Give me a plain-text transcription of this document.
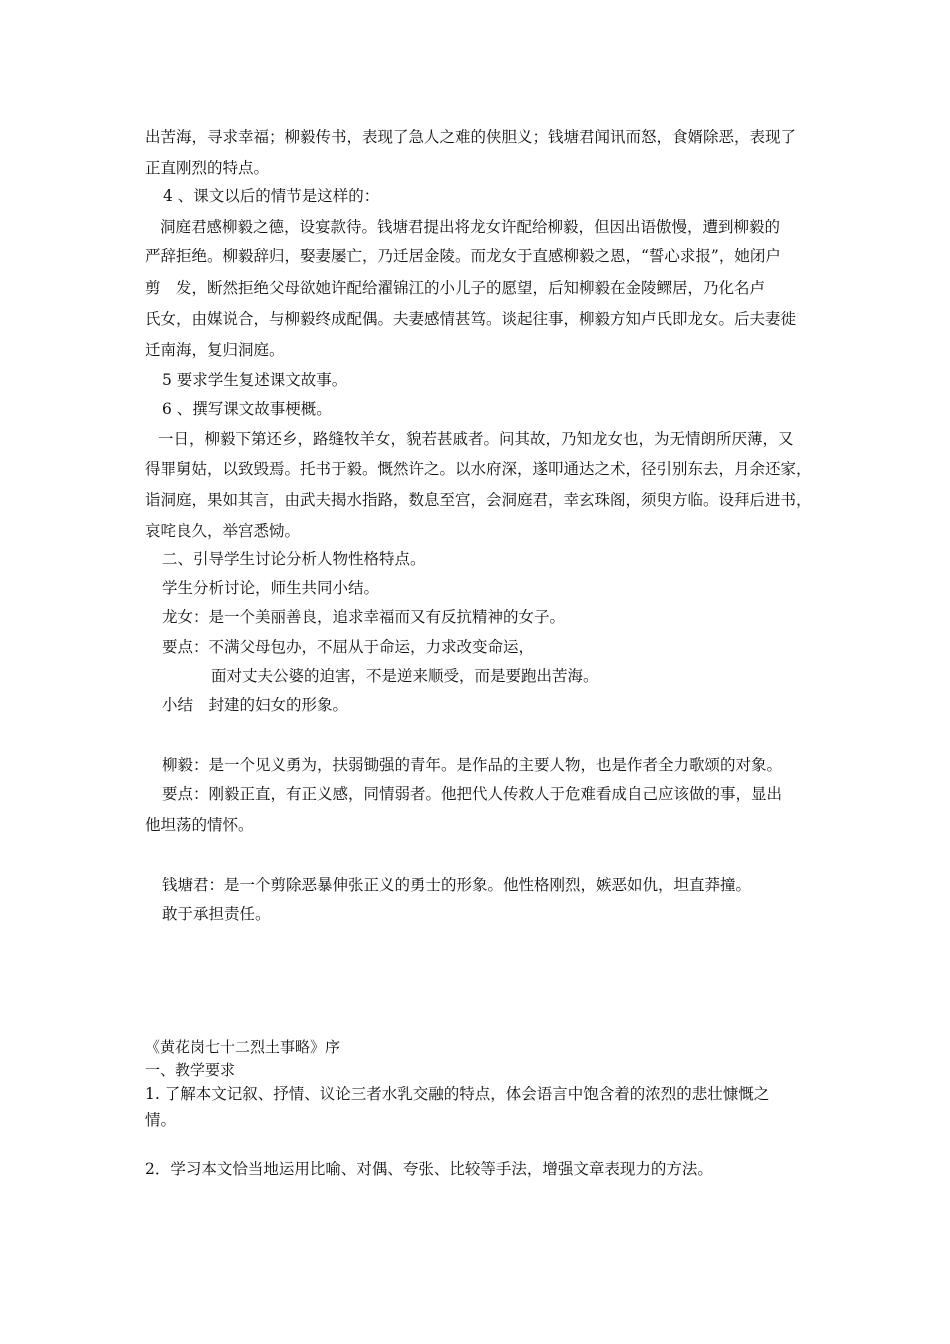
出苦海，寻求幸福；柳毅传书，表现了急人之难的侠胆义；钱塘君闻讯而怒，食婿除恶，表现了

正直刚烈的特点。

4 、课文以后的情节是这样的：

洞庭君感柳毅之德，设宴款待。钱塘君提出将龙女许配给柳毅，但因出语傲慢，遭到柳毅的

严辞拒绝。柳毅辞归，娶妻屡亡，乃迁居金陵。而龙女于直感柳毅之恩，“誓心求报”，她闭户

剪　发，断然拒绝父母欲她许配给濯锦江的小儿子的愿望，后知柳毅在金陵鳏居，乃化名卢

氏女，由媒说合，与柳毅终成配偶。夫妻感情甚笃。谈起往事，柳毅方知卢氏即龙女。后夫妻徙

迁南海，复归洞庭。

5 要求学生复述课文故事。

6 、撰写课文故事梗概。

一日，柳毅下第还乡，路缝牧羊女，貌若甚戚者。问其故，乃知龙女也，为无情朗所厌薄，又

得罪舅姑，以致毁焉。托书于毅。慨然许之。以水府深，遂叩通达之术，径引别东去，月余还家，

诣洞庭，果如其言，由武夫揭水指路，数息至宫，会洞庭君，幸玄珠阁，须臾方临。设拜后进书，

哀咤良久，举宫悉恸。

二、引导学生讨论分析人物性格特点。

学生分析讨论，师生共同小结。

龙女：是一个美丽善良，追求幸福而又有反抗精神的女子。

要点：不满父母包办，不屈从于命运，力求改变命运，

面对丈夫公婆的迫害，不是逆来顺受，而是要跑出苦海。

小结　封建的妇女的形象。

柳毅：是一个见义勇为，扶弱锄强的青年。是作品的主要人物，也是作者全力歌颂的对象。

要点：刚毅正直，有正义感，同情弱者。他把代人传救人于危难看成自己应该做的事，显出

他坦荡的情怀。

钱塘君：是一个剪除恶暴伸张正义的勇士的形象。他性格刚烈，嫉恶如仇，坦直莽撞。

敢于承担责任。

《黄花岗七十二烈土事略》序

一、教学要求

1. 了解本文记叙、抒情、议论三者水乳交融的特点，体会语言中饱含着的浓烈的悲壮慷慨之

情。

2．学习本文恰当地运用比喻、对偶、夸张、比较等手法，增强文章表现力的方法。
